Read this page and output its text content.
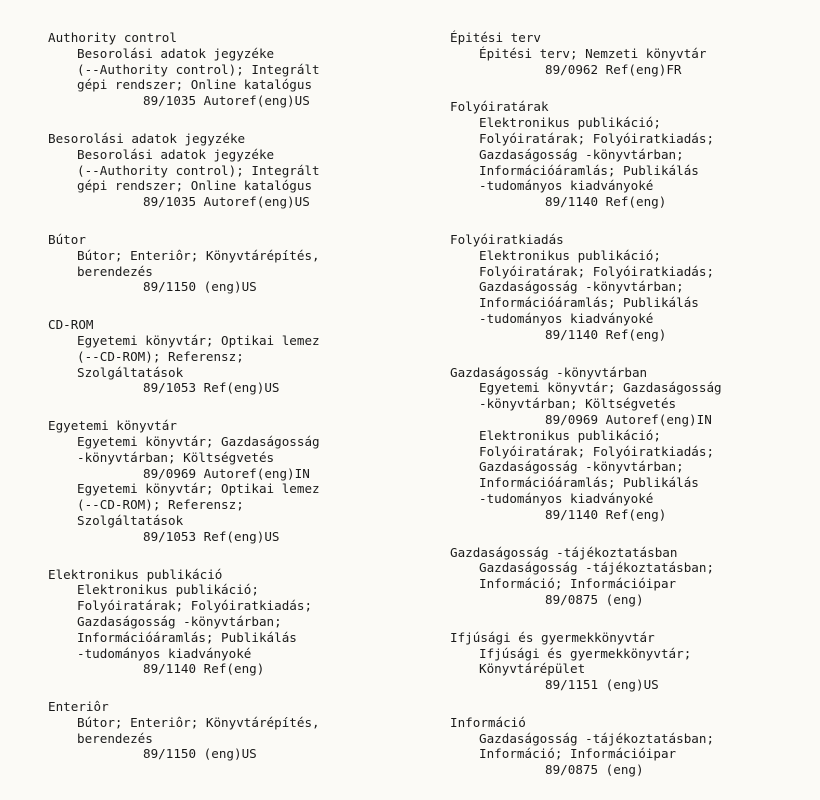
Authority control
Besorolási adatok jegyzéke
(--Authority control); Integrált
gépi rendszer; Online katalógus
89/1035 Autoref(eng)US
Besorolási adatok jegyzéke
Besorolási adatok jegyzéke
(--Authority control); Integrált
gépi rendszer; Online katalógus
89/1035 Autoref(eng)US
Bútor
Bútor; Enteriôr; Könyvtárépítés,
berendezés
89/1150 (eng)US
CD-ROM
Egyetemi könyvtár; Optikai lemez
(--CD-ROM); Referensz;
Szolgáltatások
89/1053 Ref(eng)US
Egyetemi könyvtár
Egyetemi könyvtár; Gazdaságosság
-könyvtárban; Költségvetés
89/0969 Autoref(eng)IN
Egyetemi könyvtár; Optikai lemez
(--CD-ROM); Referensz;
Szolgáltatások
89/1053 Ref(eng)US
Elektronikus publikáció
Elektronikus publikáció;
Folyóiratárak; Folyóiratkiadás;
Gazdaságosság -könyvtárban;
Információáramlás; Publikálás
-tudományos kiadványoké
89/1140 Ref(eng)
Enteriôr
Bútor; Enteriôr; Könyvtárépítés,
berendezés
89/1150 (eng)US
Épitési terv
Épitési terv; Nemzeti könyvtár
89/0962 Ref(eng)FR
Folyóiratárak
Elektronikus publikáció;
Folyóiratárak; Folyóiratkiadás;
Gazdaságosság -könyvtárban;
Információáramlás; Publikálás
-tudományos kiadványoké
89/1140 Ref(eng)
Folyóiratkiadás
Elektronikus publikáció;
Folyóiratárak; Folyóiratkiadás;
Gazdaságosság -könyvtárban;
Információáramlás; Publikálás
-tudományos kiadványoké
89/1140 Ref(eng)
Gazdaságosság -könyvtárban
Egyetemi könyvtár; Gazdaságosság
-könyvtárban; Költségvetés
89/0969 Autoref(eng)IN
Elektronikus publikáció;
Folyóiratárak; Folyóiratkiadás;
Gazdaságosság -könyvtárban;
Információáramlás; Publikálás
-tudományos kiadványoké
89/1140 Ref(eng)
Gazdaságosság -tájékoztatásban
Gazdaságosság -tájékoztatásban;
Információ; Információipar
89/0875 (eng)
Ifjúsági és gyermekkönyvtár
Ifjúsági és gyermekkönyvtár;
Könyvtárépület
89/1151 (eng)US
Információ
Gazdaságosság -tájékoztatásban;
Információ; Információipar
89/0875 (eng)
